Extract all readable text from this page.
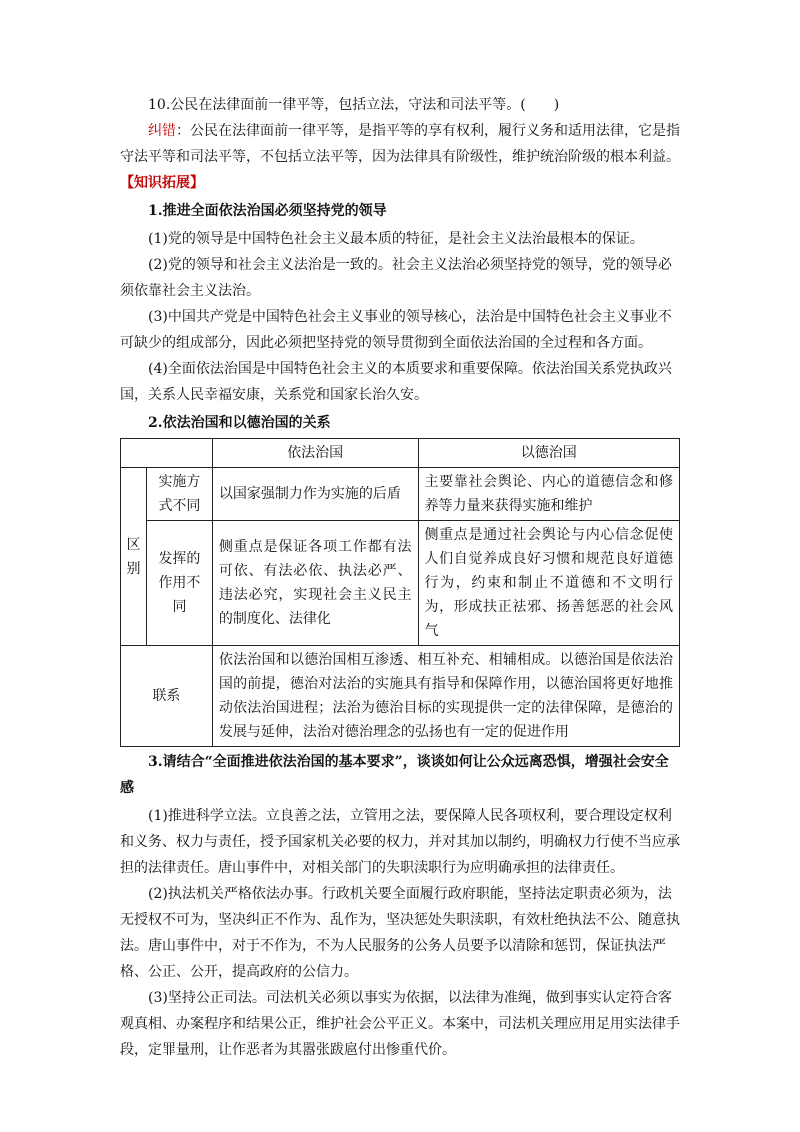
10.公民在法律面前一律平等，包括立法，守法和司法平等。(　　)

纠错：公民在法律面前一律平等，是指平等的享有权利，履行义务和适用法律，它是指守法平等和司法平等，不包括立法平等，因为法律具有阶级性，维护统治阶级的根本利益。【知识拓展】

1.推进全面依法治国必须坚持党的领导

(1)党的领导是中国特色社会主义最本质的特征，是社会主义法治最根本的保证。

(2)党的领导和社会主义法治是一致的。社会主义法治必须坚持党的领导，党的领导必须依靠社会主义法治。

(3)中国共产党是中国特色社会主义事业的领导核心，法治是中国特色社会主义事业不可缺少的组成部分，因此必须把坚持党的领导贯彻到全面依法治国的全过程和各方面。

(4)全面依法治国是中国特色社会主义的本质要求和重要保障。依法治国关系党执政兴国，关系人民幸福安康，关系党和国家长治久安。

2.依法治国和以德治国的关系

		依法治国	以德治国
区别	实施方式不同	以国家强制力作为实施的后盾	主要靠社会舆论、内心的道德信念和修养等力量来获得实施和维护
	发挥的作用不同	侧重点是保证各项工作都有法可依、有法必依、执法必严、违法必究，实现社会主义民主的制度化、法律化	侧重点是通过社会舆论与内心信念促使人们自觉养成良好习惯和规范良好道德行为，约束和制止不道德和不文明行为，形成扶正祛邪、扬善惩恶的社会风气
联系		依法治国和以德治国相互渗透、相互补充、相辅相成。以德治国是依法治国的前提，德治对法治的实施具有指导和保障作用，以德治国将更好地推动依法治国进程；法治为德治目标的实现提供一定的法律保障，是德治的发展与延伸，法治对德治理念的弘扬也有一定的促进作用	

3.请结合“全面推进依法治国的基本要求”，谈谈如何让公众远离恐惧，增强社会安全感

(1)推进科学立法。立良善之法，立管用之法，要保障人民各项权利，要合理设定权利和义务、权力与责任，授予国家机关必要的权力，并对其加以制约，明确权力行使不当应承担的法律责任。唐山事件中，对相关部门的失职渎职行为应明确承担的法律责任。

(2)执法机关严格依法办事。行政机关要全面履行政府职能，坚持法定职责必须为，法无授权不可为，坚决纠正不作为、乱作为，坚决惩处失职渎职，有效杜绝执法不公、随意执法。唐山事件中，对于不作为，不为人民服务的公务人员要予以清除和惩罚，保证执法严格、公正、公开，提高政府的公信力。

(3)坚持公正司法。司法机关必须以事实为依据，以法律为准绳，做到事实认定符合客观真相、办案程序和结果公正，维护社会公平正义。本案中，司法机关理应用足用实法律手段，定罪量刑，让作恶者为其嚣张跋扈付出惨重代价。
